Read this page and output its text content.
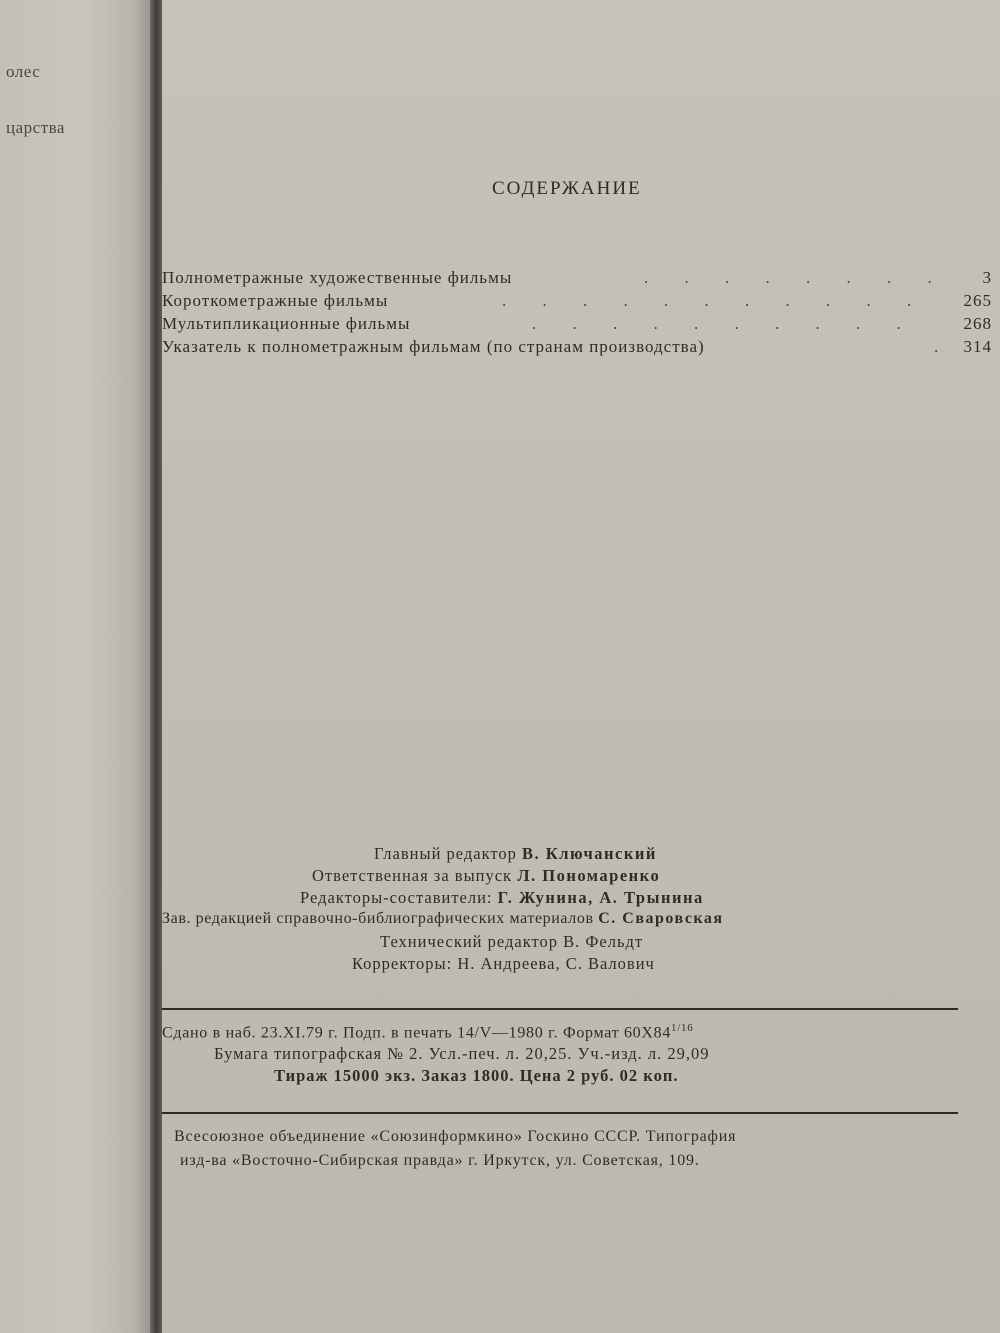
олес
царства
СОДЕРЖАНИЕ
Полнометражные художественные фильмы	. . . . . . . . 3
Короткометражные фильмы	. . . . . . . . . . . 265
Мультипликационные фильмы	. . . . . . . . . .	268
Указатель к полнометражным фильмам (по странам производства)	. 314
Главный редактор В. Ключанский
Ответственная за выпуск Л. Пономаренко
Редакторы-составители: Г. Жунина, А. Трынина
Зав. редакцией справочно-библиографических материалов С. Сваровская
Технический редактор В. Фельдт
Корректоры: Н. Андреева, С. Валович
Сдано в наб. 23.XI.79 г. Подп. в печать 14/V—1980 г. Формат $60X84^{1/16}$
Бумага типографская № 2. Усл.-печ. л. 20,25. Уч.-изд. л. 29,09
Тираж 15000 экз. Заказ 1800. Цена 2 руб. 02 коп.
Всесоюзное объединение «Союзинформкино» Госкино СССР. Типография
изд-ва «Восточно-Сибирская правда» г. Иркутск, ул. Советская, 109.
